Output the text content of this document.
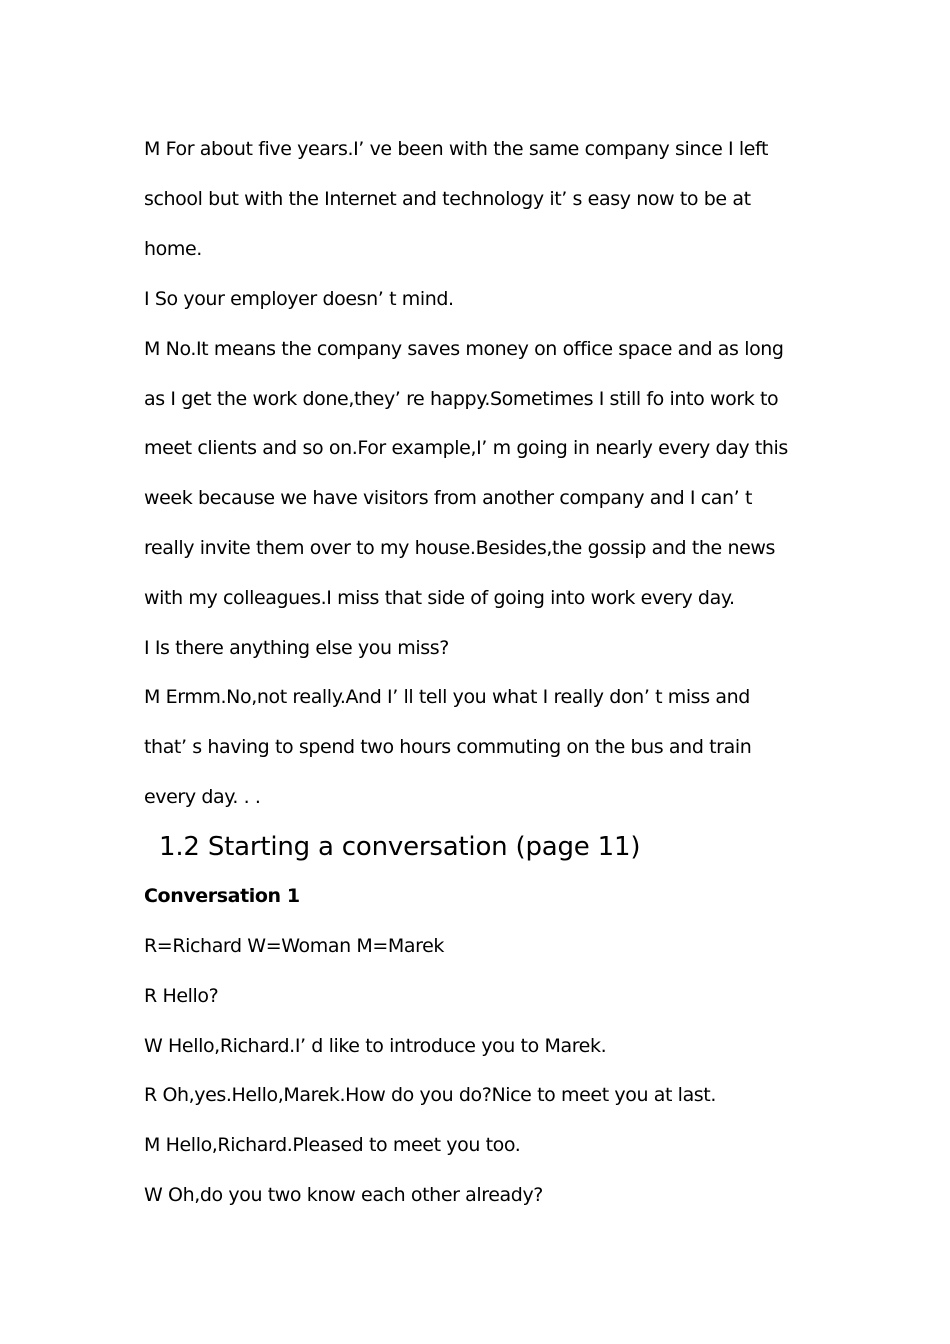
M For about five years.I’ ve been with the same company since I left
school but with the Internet and technology it’ s easy now to be at
home.
I So your employer doesn’ t mind.
M No.It means the company saves money on office space and as long
as I get the work done,they’ re happy.Sometimes I still fo into work to
meet clients and so on.For example,I’ m going in nearly every day this
week because we have visitors from another company and I can’ t
really invite them over to my house.Besides,the gossip and the news
with my colleagues.I miss that side of going into work every day.
I Is there anything else you miss?
M Ermm.No,not really.And I’ ll tell you what I really don’ t miss and
that’ s having to spend two hours commuting on the bus and train
every day. . .
1.2 Starting a conversation (page 11)
Conversation 1
R=Richard W=Woman M=Marek
R Hello?
W Hello,Richard.I’ d like to introduce you to Marek.
R Oh,yes.Hello,Marek.How do you do?Nice to meet you at last.
M Hello,Richard.Pleased to meet you too.
W Oh,do you two know each other already?
